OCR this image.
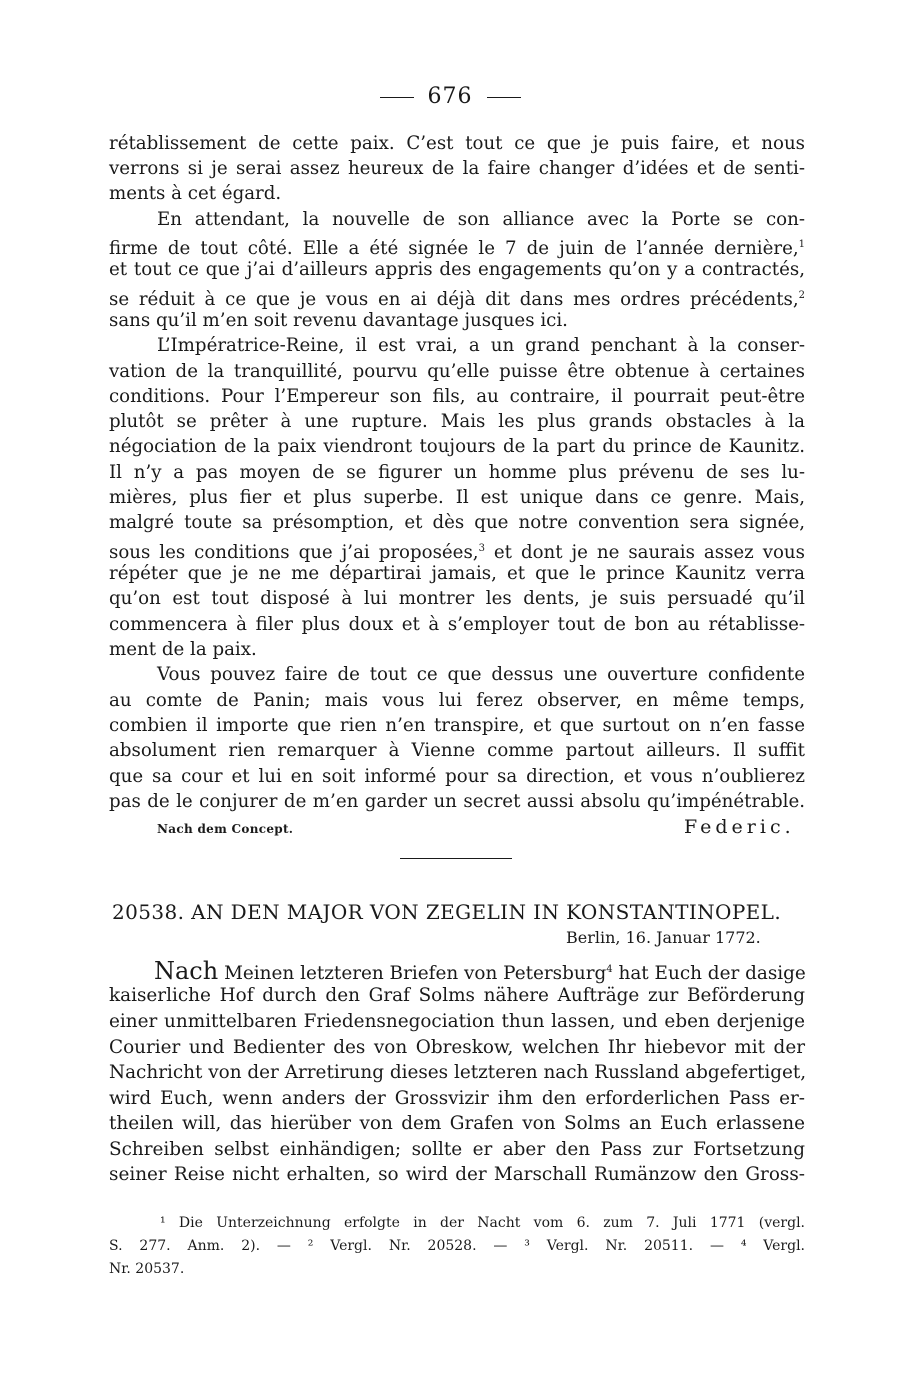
676
rétablissement de cette paix. C’est tout ce que je puis faire, et nous
verrons si je serai assez heureux de la faire changer d’idées et de senti-
ments à cet égard.
En attendant, la nouvelle de son alliance avec la Porte se con-
firme de tout côté. Elle a été signée le 7 de juin de l’année dernière,$^1$
et tout ce que j’ai d’ailleurs appris des engagements qu’on y a contractés,
se réduit à ce que je vous en ai déjà dit dans mes ordres précédents,$^2$
sans qu’il m’en soit revenu davantage jusques ici.
L’Impératrice-Reine, il est vrai, a un grand penchant à la conser-
vation de la tranquillité, pourvu qu’elle puisse être obtenue à certaines
conditions. Pour l’Empereur son fils, au contraire, il pourrait peut-être
plutôt se prêter à une rupture. Mais les plus grands obstacles à la
négociation de la paix viendront toujours de la part du prince de Kaunitz.
Il n’y a pas moyen de se figurer un homme plus prévenu de ses lu-
mières, plus fier et plus superbe. Il est unique dans ce genre. Mais,
malgré toute sa présomption, et dès que notre convention sera signée,
sous les conditions que j’ai proposées,$^3$ et dont je ne saurais assez vous
répéter que je ne me départirai jamais, et que le prince Kaunitz verra
qu’on est tout disposé à lui montrer les dents, je suis persuadé qu’il
commencera à filer plus doux et à s’employer tout de bon au rétablisse-
ment de la paix.
Vous pouvez faire de tout ce que dessus une ouverture confidente
au comte de Panin; mais vous lui ferez observer, en même temps,
combien il importe que rien n’en transpire, et que surtout on n’en fasse
absolument rien remarquer à Vienne comme partout ailleurs. Il suffit
que sa cour et lui en soit informé pour sa direction, et vous n’oublierez
pas de le conjurer de m’en garder un secret aussi absolu qu’impénétrable.
Nach dem Concept.	Federic.
20538. AN DEN MAJOR VON ZEGELIN IN KONSTANTINOPEL.
Berlin, 16. Januar 1772.
Nach Meinen letzteren Briefen von Petersburg$^4$ hat Euch der dasige
kaiserliche Hof durch den Graf Solms nähere Aufträge zur Beförderung
einer unmittelbaren Friedensnegociation thun lassen, und eben derjenige
Courier und Bedienter des von Obreskow, welchen Ihr hiebevor mit der
Nachricht von der Arretirung dieses letzteren nach Russland abgefertiget,
wird Euch, wenn anders der Grossvizir ihm den erforderlichen Pass er-
theilen will, das hierüber von dem Grafen von Solms an Euch erlassene
Schreiben selbst einhändigen; sollte er aber den Pass zur Fortsetzung
seiner Reise nicht erhalten, so wird der Marschall Rumänzow den Gross-
¹ Die Unterzeichnung erfolgte in der Nacht vom 6. zum 7. Juli 1771 (vergl.
S. 277. Anm. 2). — ² Vergl. Nr. 20528. — ³ Vergl. Nr. 20511. — ⁴ Vergl.
Nr. 20537.
